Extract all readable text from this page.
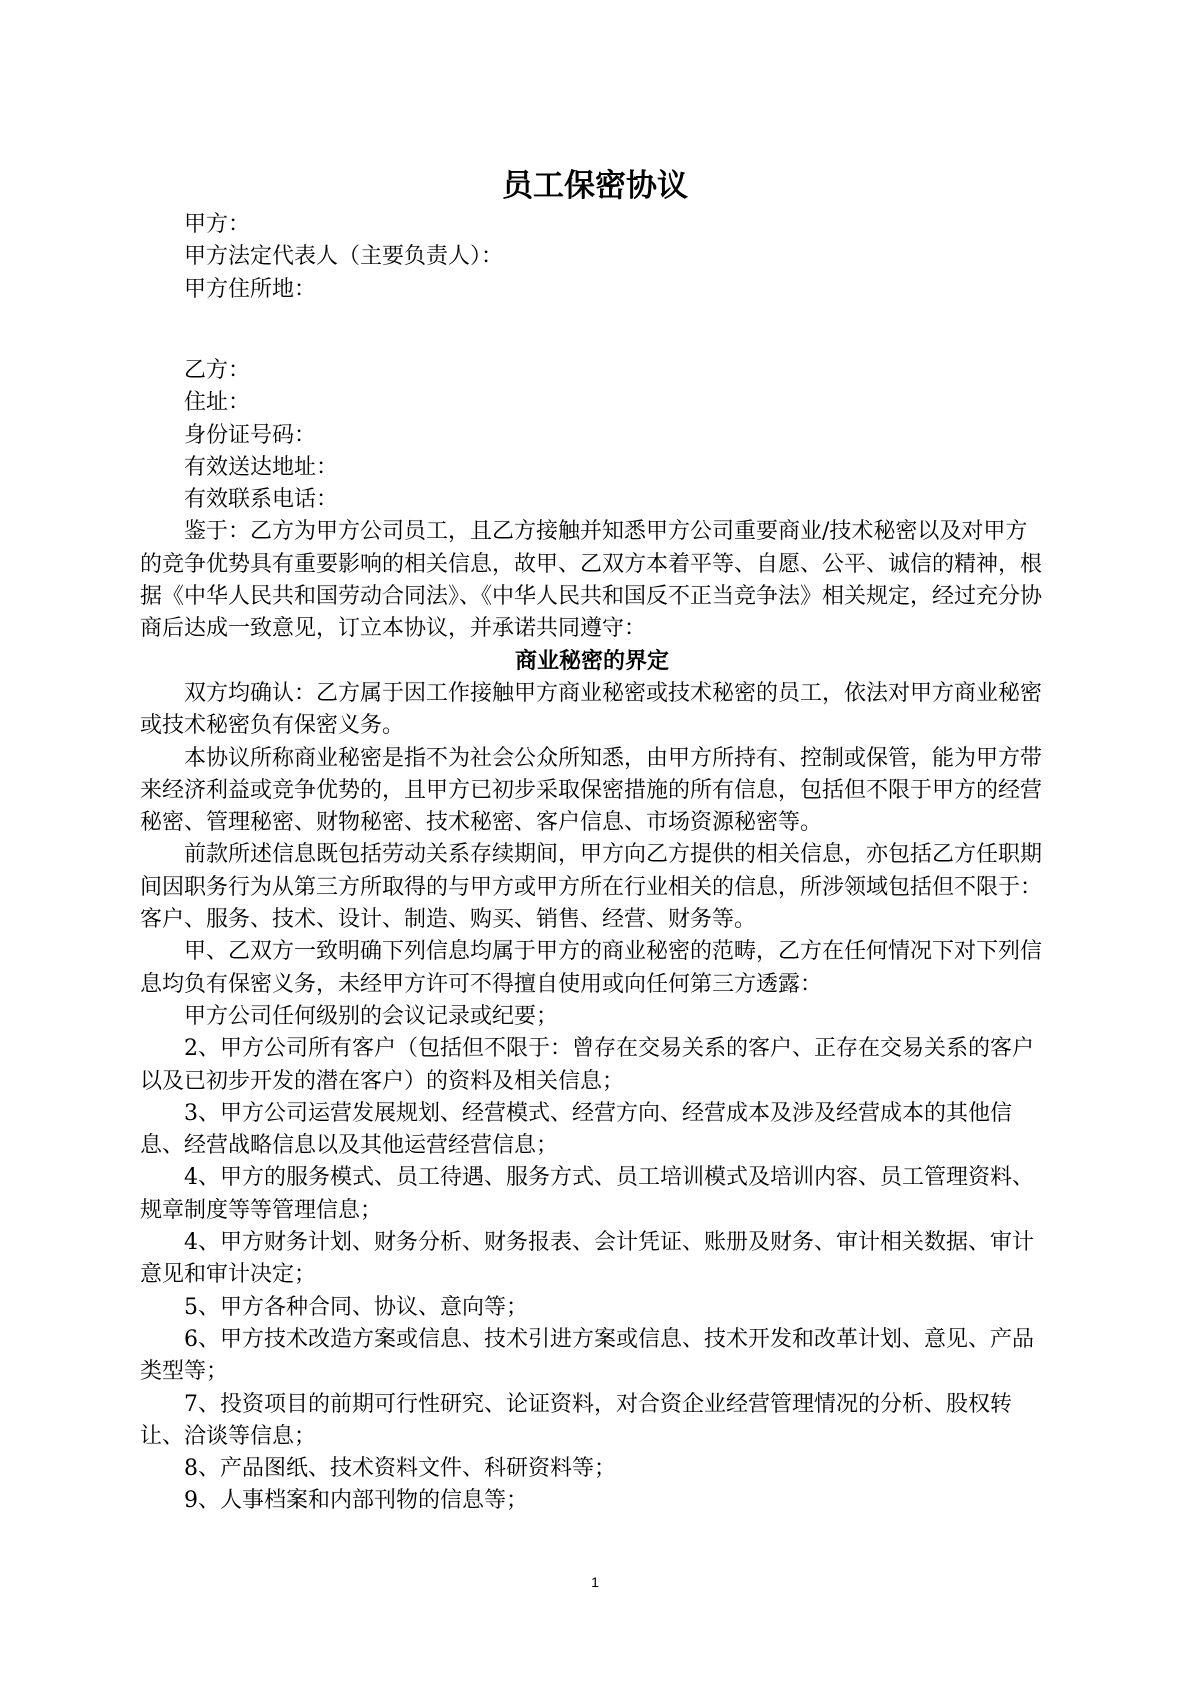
员工保密协议

甲方：

甲方法定代表人（主要负责人）：

甲方住所地：

乙方：

住址：

身份证号码：

有效送达地址：

有效联系电话：

鉴于：乙方为甲方公司员工，且乙方接触并知悉甲方公司重要商业/技术秘密以及对甲方的竞争优势具有重要影响的相关信息，故甲、乙双方本着平等、自愿、公平、诚信的精神，根据《中华人民共和国劳动合同法》、《中华人民共和国反不正当竞争法》相关规定，经过充分协商后达成一致意见，订立本协议，并承诺共同遵守：

商业秘密的界定

双方均确认：乙方属于因工作接触甲方商业秘密或技术秘密的员工，依法对甲方商业秘密或技术秘密负有保密义务。

本协议所称商业秘密是指不为社会公众所知悉，由甲方所持有、控制或保管，能为甲方带来经济利益或竞争优势的，且甲方已初步采取保密措施的所有信息，包括但不限于甲方的经营秘密、管理秘密、财物秘密、技术秘密、客户信息、市场资源秘密等。

前款所述信息既包括劳动关系存续期间，甲方向乙方提供的相关信息，亦包括乙方任职期间因职务行为从第三方所取得的与甲方或甲方所在行业相关的信息，所涉领域包括但不限于：客户、服务、技术、设计、制造、购买、销售、经营、财务等。

甲、乙双方一致明确下列信息均属于甲方的商业秘密的范畴，乙方在任何情况下对下列信息均负有保密义务，未经甲方许可不得擅自使用或向任何第三方透露：

甲方公司任何级别的会议记录或纪要；

2、甲方公司所有客户（包括但不限于：曾存在交易关系的客户、正存在交易关系的客户以及已初步开发的潜在客户）的资料及相关信息；

3、甲方公司运营发展规划、经营模式、经营方向、经营成本及涉及经营成本的其他信息、经营战略信息以及其他运营经营信息；

4、甲方的服务模式、员工待遇、服务方式、员工培训模式及培训内容、员工管理资料、规章制度等等管理信息；

4、甲方财务计划、财务分析、财务报表、会计凭证、账册及财务、审计相关数据、审计意见和审计决定；

5、甲方各种合同、协议、意向等；

6、甲方技术改造方案或信息、技术引进方案或信息、技术开发和改革计划、意见、产品类型等；

7、投资项目的前期可行性研究、论证资料，对合资企业经营管理情况的分析、股权转让、洽谈等信息；

8、产品图纸、技术资料文件、科研资料等；

9、人事档案和内部刊物的信息等；

1
